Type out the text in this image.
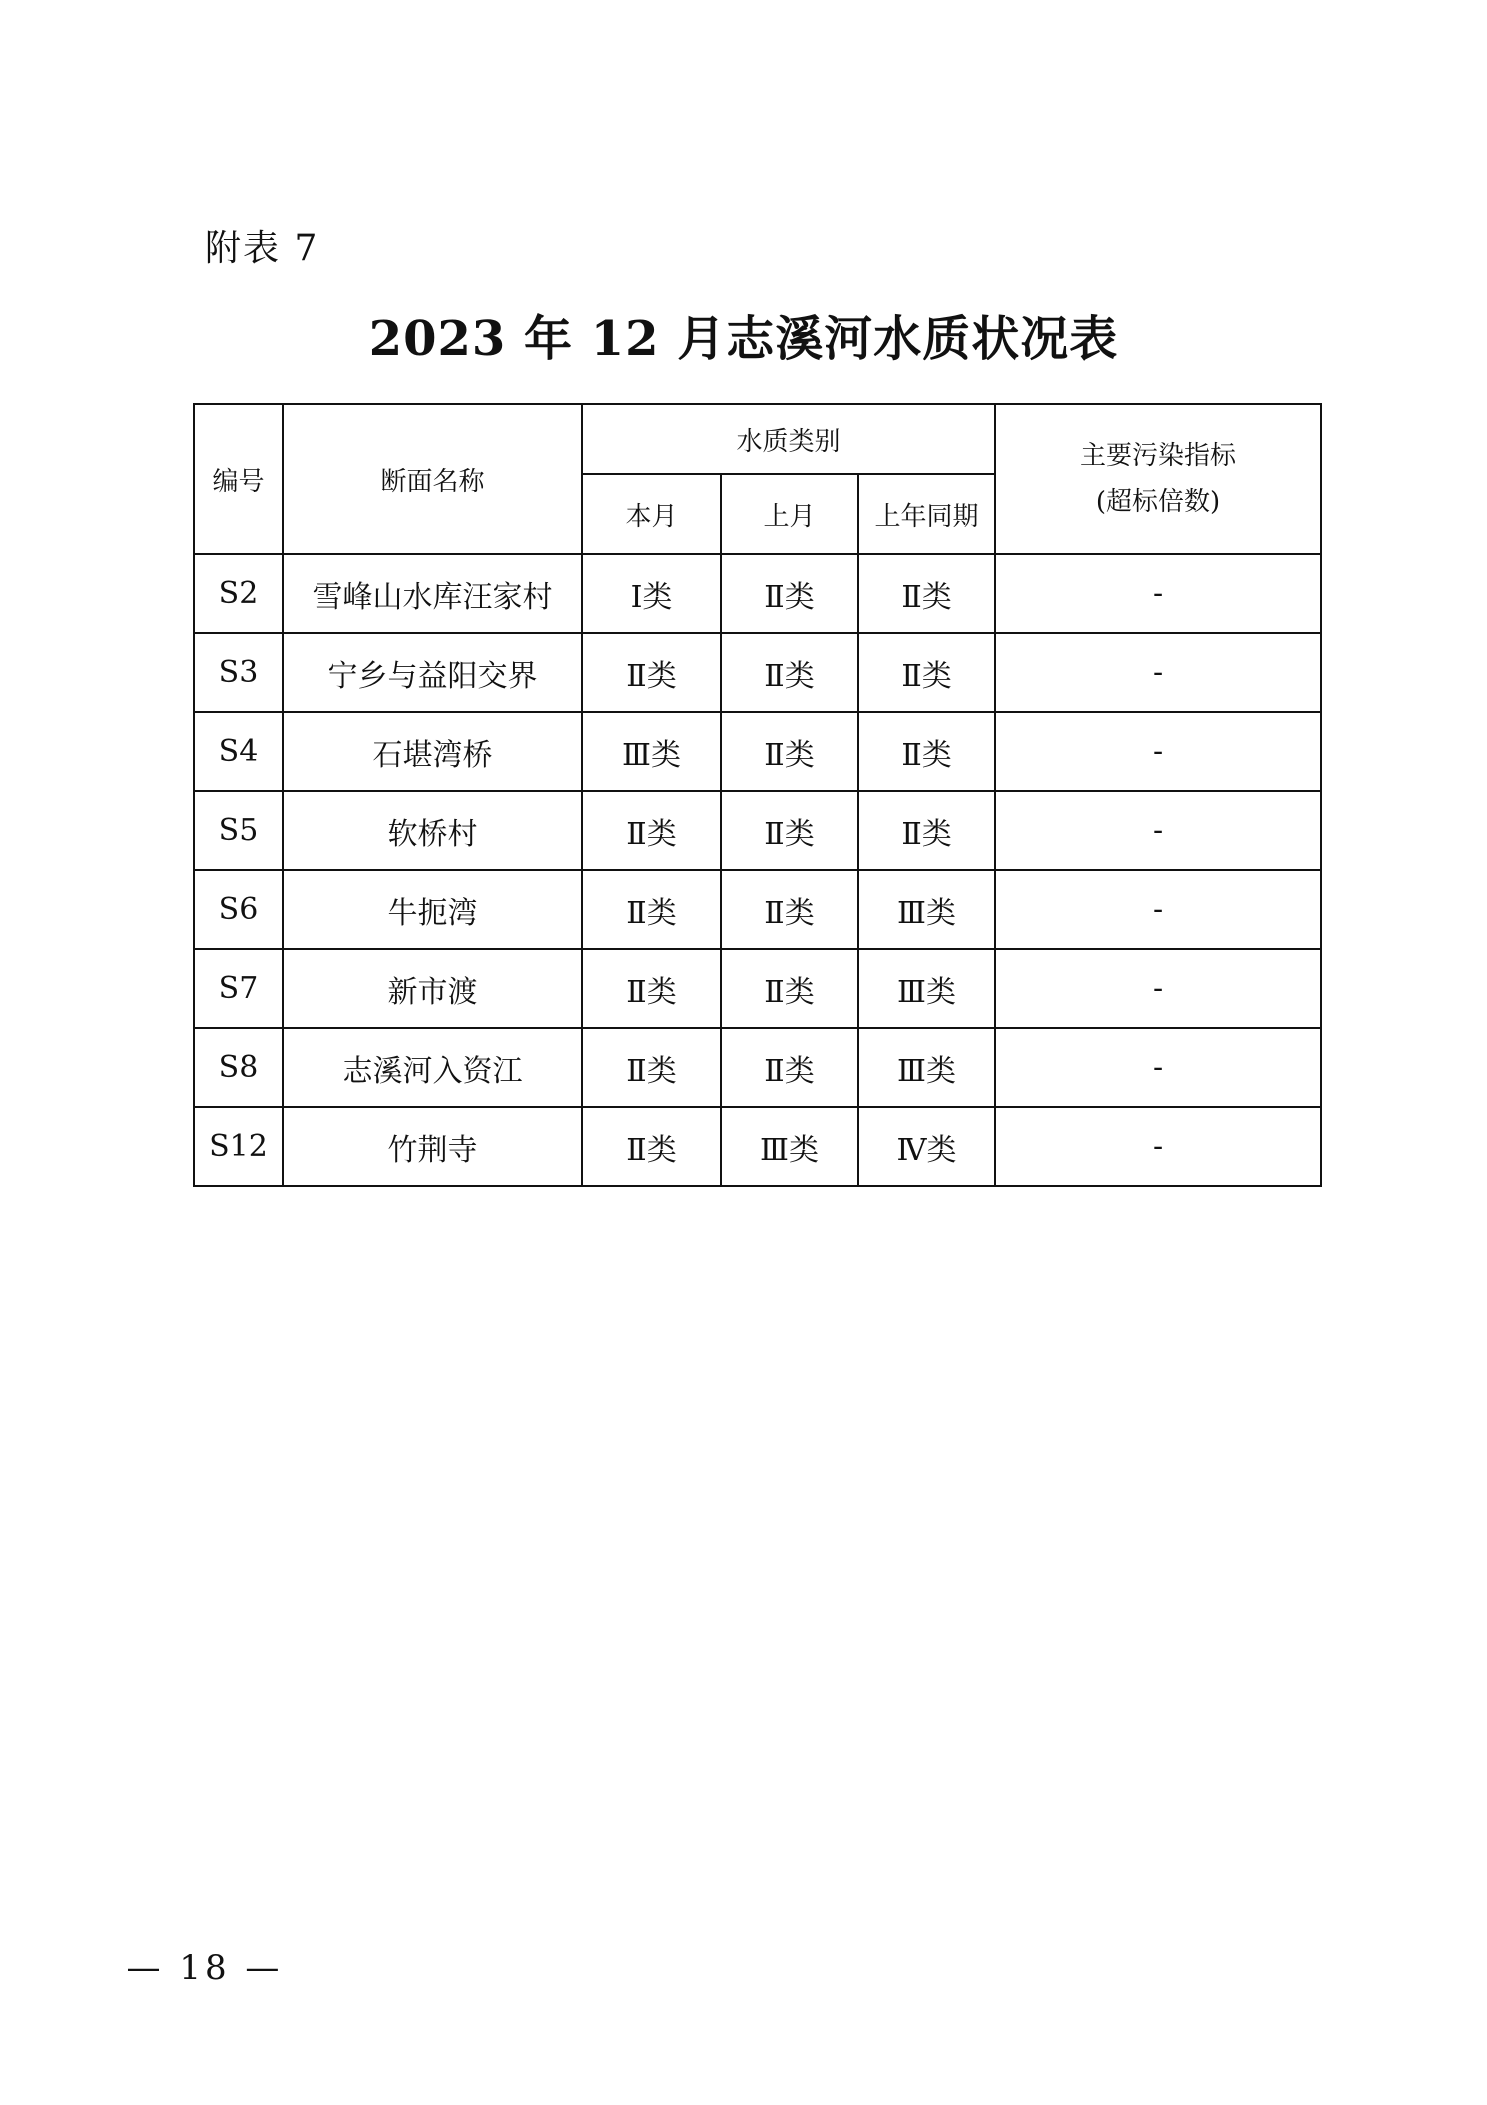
附表 7
2023 年 12 月志溪河水质状况表
编号	断面名称	水质类别			主要污染指标
(超标倍数)

		本月	上月	上年同期	
S2	雪峰山水库汪家村	Ⅰ类	Ⅱ类	Ⅱ类	-
S3	宁乡与益阳交界	Ⅱ类	Ⅱ类	Ⅱ类	-
S4	石堪湾桥	Ⅲ类	Ⅱ类	Ⅱ类	-
S5	软桥村	Ⅱ类	Ⅱ类	Ⅱ类	-
S6	牛扼湾	Ⅱ类	Ⅱ类	Ⅲ类	-
S7	新市渡	Ⅱ类	Ⅱ类	Ⅲ类	-
S8	志溪河入资江	Ⅱ类	Ⅱ类	Ⅲ类	-
S12	竹荆寺	Ⅱ类	Ⅲ类	Ⅳ类	-
— 18 —
